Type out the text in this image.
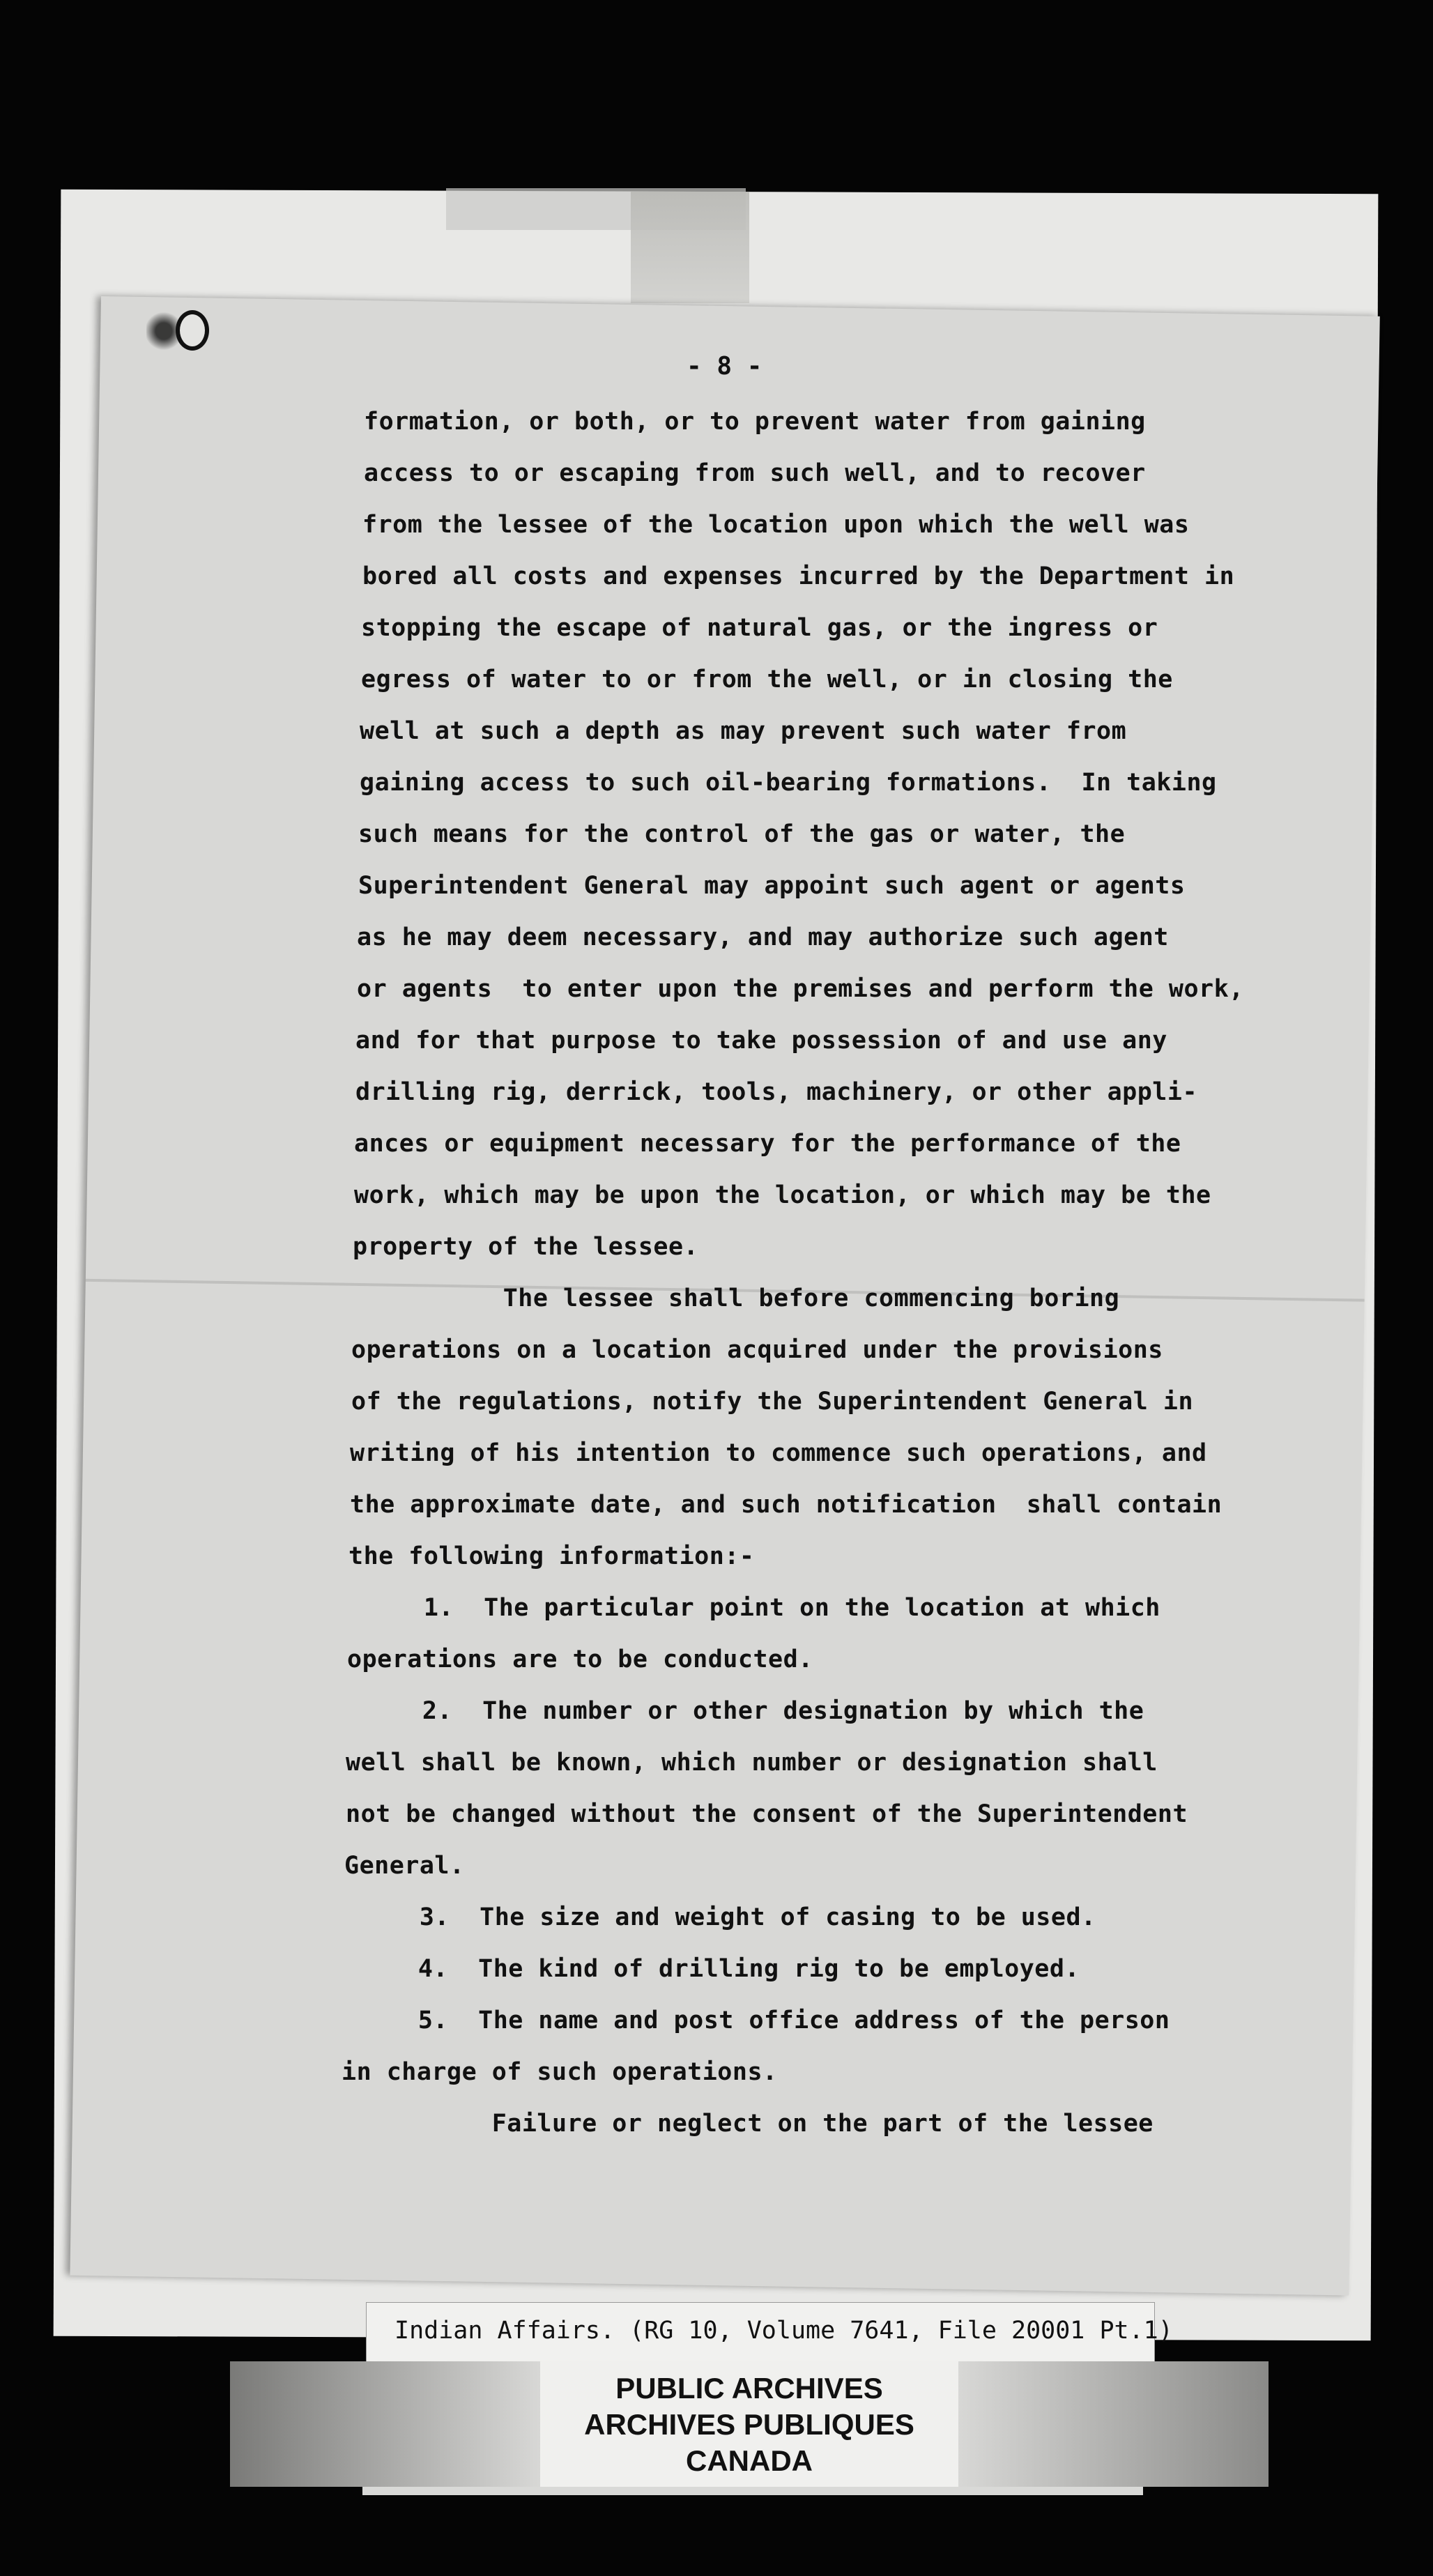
- 8 -
formation, or both, or to prevent water from gaining
access to or escaping from such well, and to recover
from the lessee of the location upon which the well was
bored all costs and expenses incurred by the Department in
stopping the escape of natural gas, or the ingress or
egress of water to or from the well, or in closing the
well at such a depth as may prevent such water from
gaining access to such oil-bearing formations.  In taking
such means for the control of the gas or water, the
Superintendent General may appoint such agent or agents
as he may deem necessary, and may authorize such agent
or agents  to enter upon the premises and perform the work,
and for that purpose to take possession of and use any
drilling rig, derrick, tools, machinery, or other appli-
ances or equipment necessary for the performance of the
work, which may be upon the location, or which may be the
property of the lessee.
The lessee shall before commencing boring
operations on a location acquired under the provisions
of the regulations, notify the Superintendent General in
writing of his intention to commence such operations, and
the approximate date, and such notification  shall contain
the following information:-
1.  The particular point on the location at which
operations are to be conducted.
2.  The number or other designation by which the
well shall be known, which number or designation shall
not be changed without the consent of the Superintendent
General.
3.  The size and weight of casing to be used.
4.  The kind of drilling rig to be employed.
5.  The name and post office address of the person
in charge of such operations.
Failure or neglect on the part of the lessee
Indian Affairs. (RG 10, Volume 7641, File 20001 Pt.1)
PUBLIC ARCHIVES
ARCHIVES PUBLIQUES
CANADA
